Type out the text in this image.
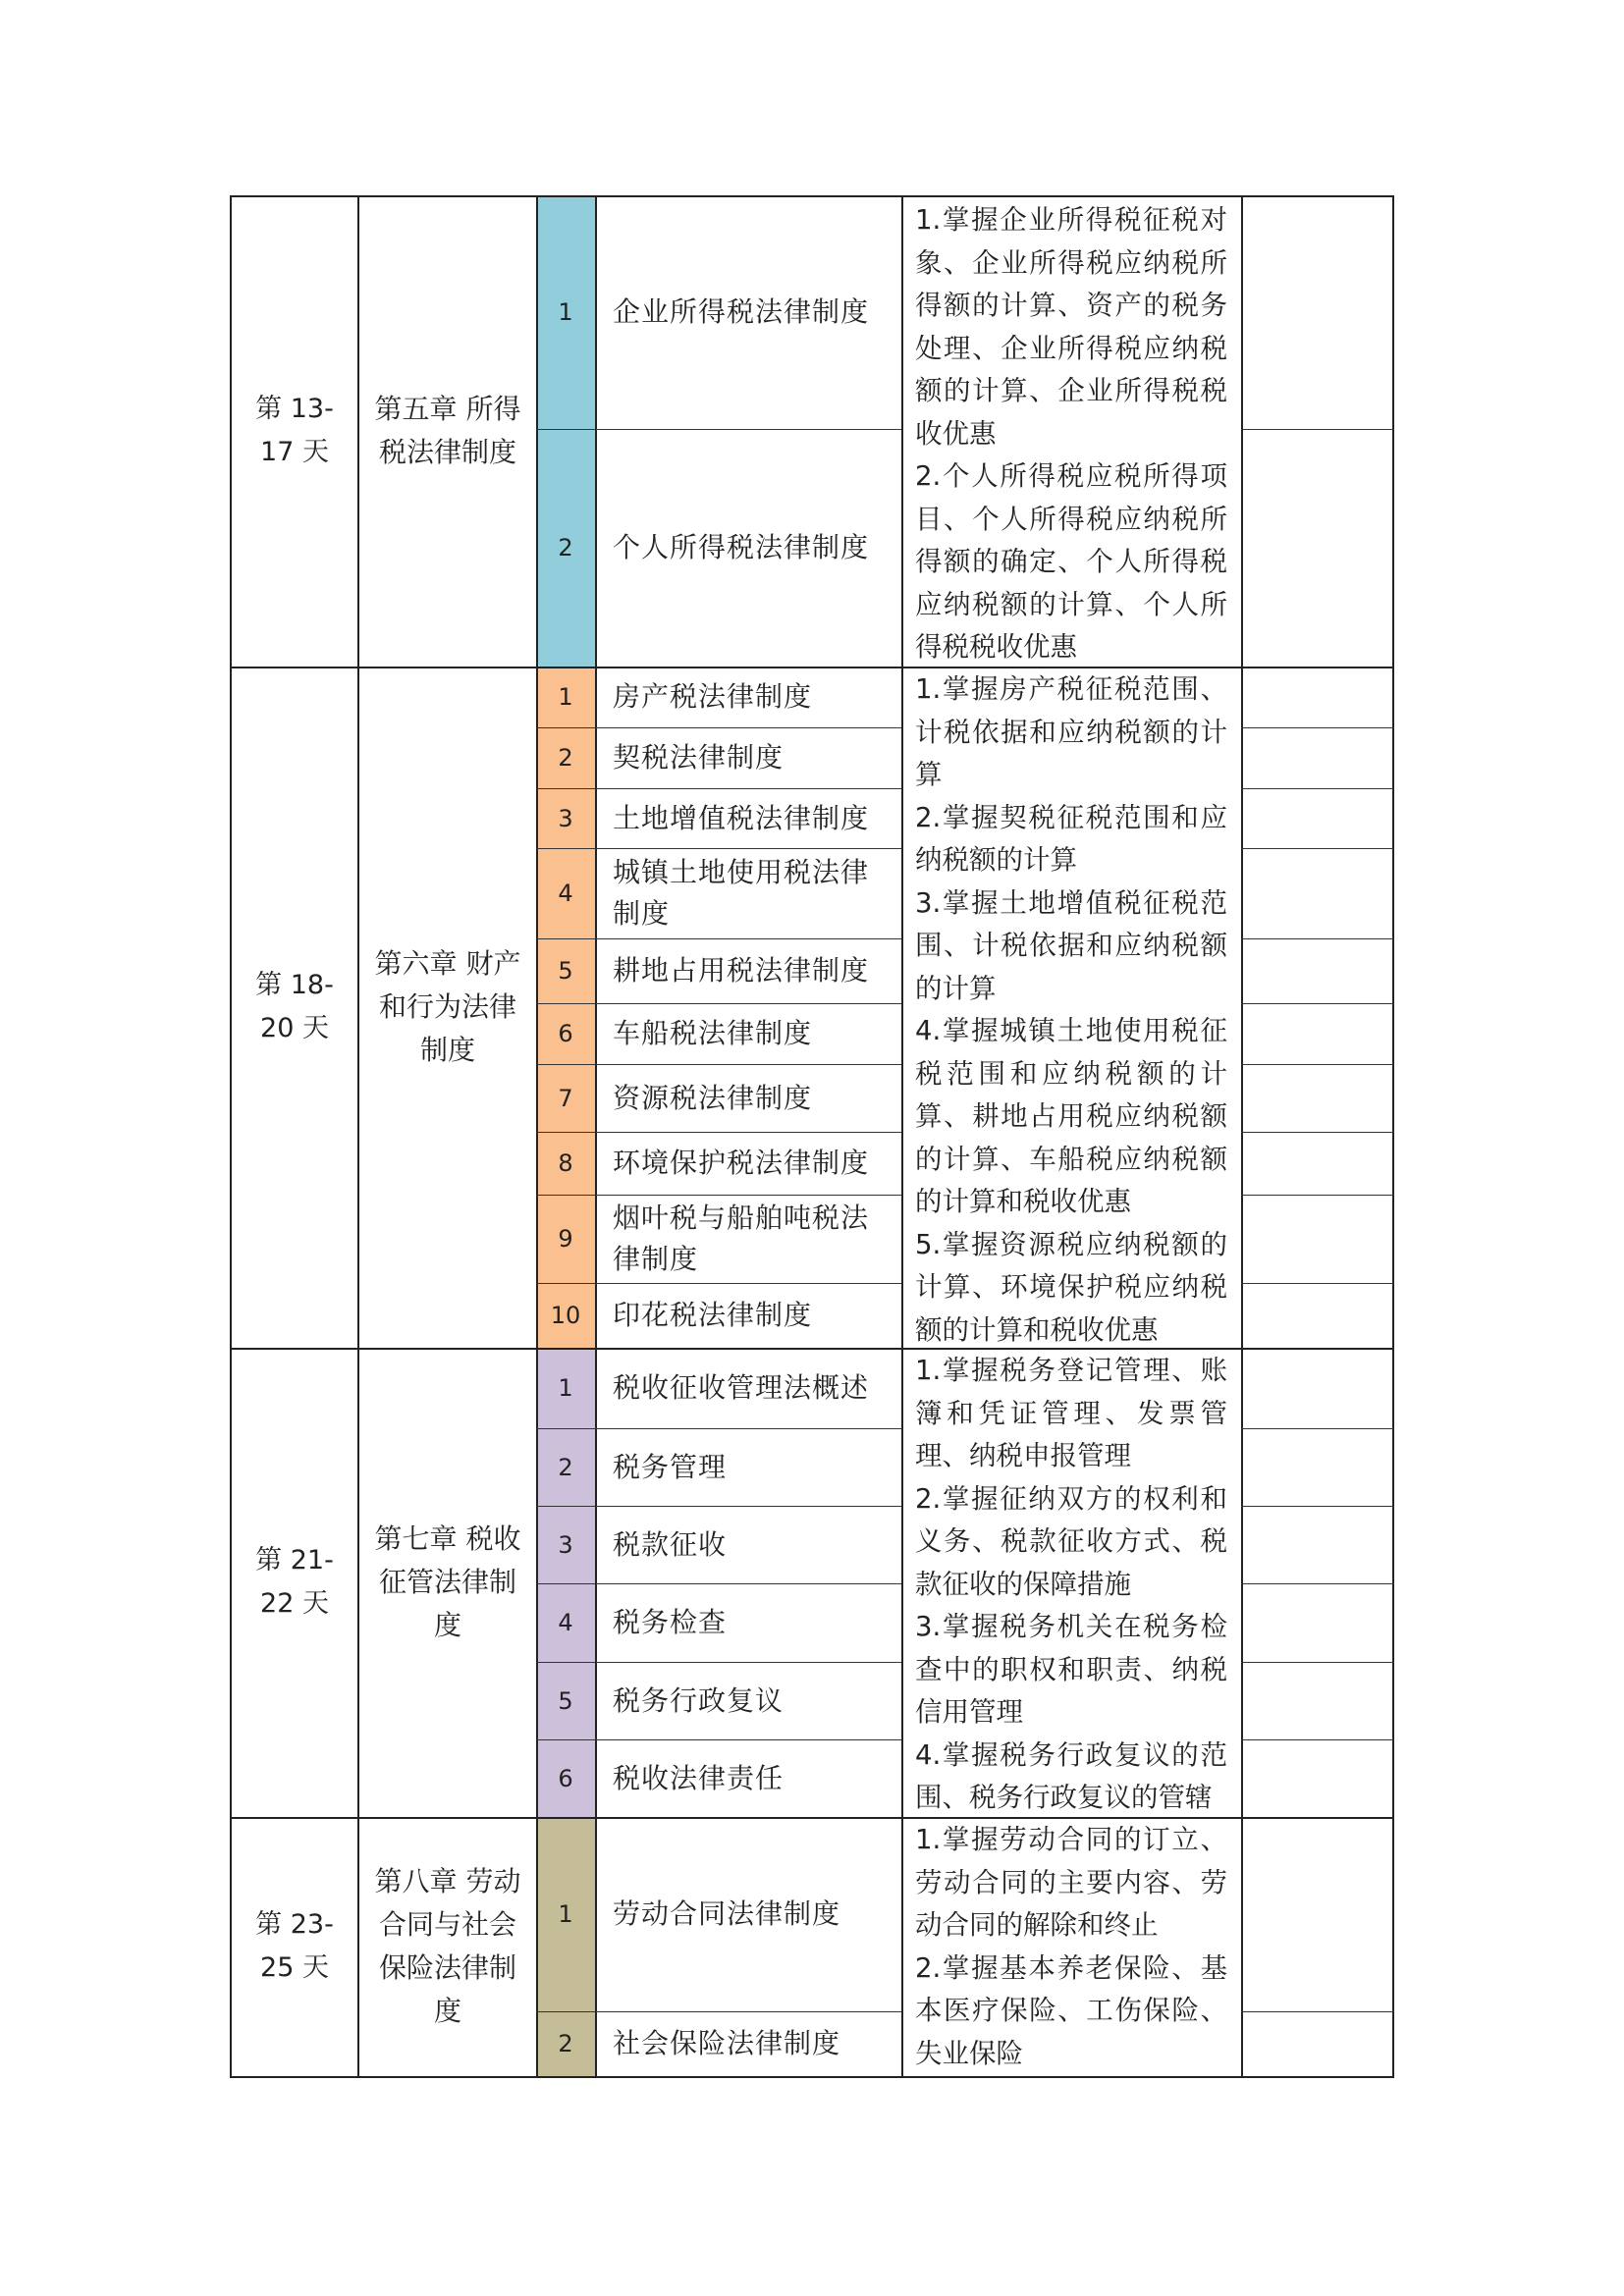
第 13-17 天
第五章 所得税法律制度
1 企业所得税法律制度
2 个人所得税法律制度

1.掌握企业所得税征税对象、企业所得税应纳税所得额的计算、资产的税务处理、企业所得税应纳税额的计算、企业所得税税收优惠

2.个人所得税应税所得项目、个人所得税应纳税所得额的确定、个人所得税应纳税额的计算、个人所得税税收优惠

第 18-20 天
第六章 财产和行为法律制度
1 房产税法律制度
2 契税法律制度
3 土地增值税法律制度
4
城镇土地使用税法律制度
5 耕地占用税法律制度
6 车船税法律制度
7 资源税法律制度
8 环境保护税法律制度
9
烟叶税与船舶吨税法律制度
10 印花税法律制度

1.掌握房产税征税范围、计税依据和应纳税额的计算

2.掌握契税征税范围和应纳税额的计算

3.掌握土地增值税征税范围、计税依据和应纳税额的计算

4.掌握城镇土地使用税征税范围和应纳税额的计算、耕地占用税应纳税额的计算、车船税应纳税额的计算和税收优惠

5.掌握资源税应纳税额的计算、环境保护税应纳税额的计算和税收优惠

第 21-22 天
第七章 税收征管法律制度
1 税收征收管理法概述
2 税务管理
3 税款征收
4 税务检查
5 税务行政复议
6 税收法律责任

1.掌握税务登记管理、账簿和凭证管理、发票管理、纳税申报管理

2.掌握征纳双方的权利和义务、税款征收方式、税款征收的保障措施

3.掌握税务机关在税务检查中的职权和职责、纳税信用管理

4.掌握税务行政复议的范围、税务行政复议的管辖

第 23-25 天
第八章 劳动合同与社会保险法律制度
1 劳动合同法律制度
2 社会保险法律制度

1.掌握劳动合同的订立、劳动合同的主要内容、劳动合同的解除和终止

2.掌握基本养老保险、基本医疗保险、工伤保险、失业保险
